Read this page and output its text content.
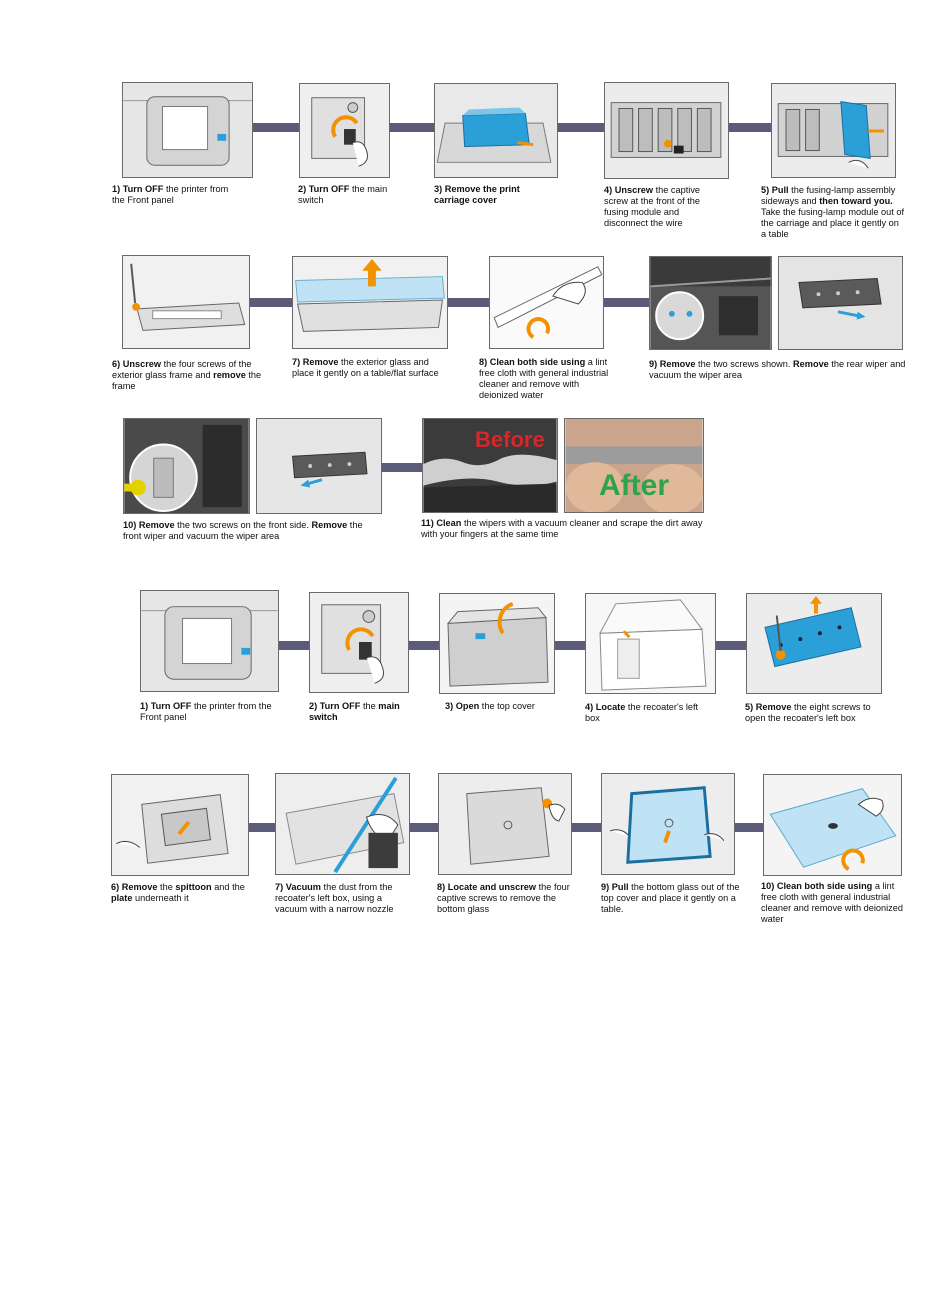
1) Turn OFF the printer from the Front panel
2) Turn OFF the main switch
3) Remove the print carriage cover
4) Unscrew the captive screw at the front of the fusing module and disconnect the wire
5) Pull the fusing-lamp assembly sideways and then toward you. Take the fusing-lamp module out of the carriage and place it gently on a table
6) Unscrew the four screws of the exterior glass frame and remove the frame
7) Remove the exterior glass and place it gently on a table/flat surface
8) Clean both side using a lint free cloth with general industrial cleaner and remove with deionized water
9) Remove the two screws shown. Remove the rear wiper and vacuum the wiper area
Before
After
10) Remove the two screws on the front side. Remove the front wiper and vacuum the wiper area
11) Clean the wipers with a vacuum cleaner and scrape the dirt away with your fingers at the same time
1) Turn OFF the printer from the Front panel
2) Turn OFF the main switch
3) Open the top cover	4) Locate the recoater's left box
5) Remove the eight screws to open the recoater's left box
6) Remove the spittoon and the plate underneath it
7) Vacuum the dust from the recoater's left box, using a vacuum with a narrow nozzle
8) Locate and unscrew the four captive screws to remove the bottom glass
9) Pull the bottom glass out of the top cover and place it gently on a table.
10) Clean both side using a lint free cloth with general industrial cleaner and remove with deionized water
